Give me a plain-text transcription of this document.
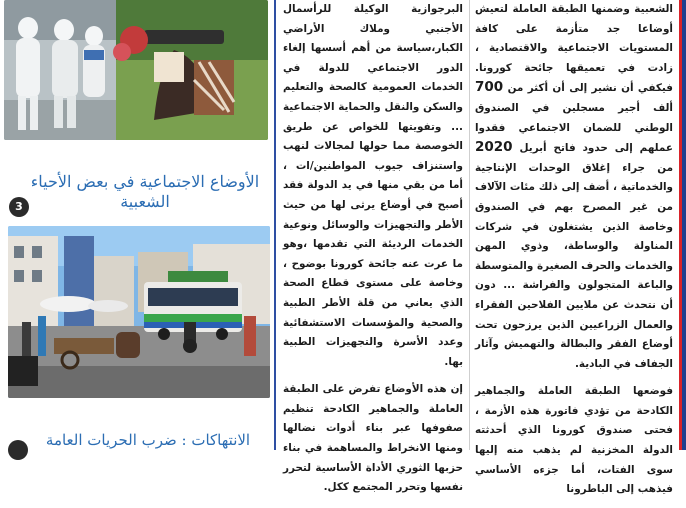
الأوضاع الاجتماعية في بعض الأحياء الشعبية
3
الانتهاكات : ضرب الحريات العامة

البرجوازية الوكيلة للرأسمال الأجنبي وملاك الأراضي الكبار،سياسة من أهم أسسها إلغاء الدور الاجتماعي للدولة في الخدمات العمومية كالصحة والتعليم والسكن والنقل والحماية الاجتماعية ... وتفويتها للخواص عن طريق الخوصصة مما حولها لمجالات لنهب واستنزاف جيوب المواطنين/ات ، أما من بقي منها في يد الدولة فقد أصبح في أوضاع يرثى لها من حيث الأطر والتجهيزات والوسائل ونوعية الخدمات الرديئة التي تقدمها ،وهو ما عرت عنه جائحة كورونا بوضوح ، وخاصة على مستوى قطاع الصحة الذي يعاني من قلة الأطر الطبية والصحية والمؤسسات الاستشفائية وعدد الأسرة والتجهيزات الطبية بها.

إن هذه الأوضاع تفرض على الطبقة العاملة والجماهير الكادحة تنظيم صفوفها عبر بناء أدوات نضالها ومنها الانخراط والمساهمة في بناء حزبها الثوري الأداة الأساسية لتحرر نفسها وتحرر المجتمع ككل.

الشعبية وضمنها الطبقة العاملة لتعيش أوضاعا جد متأزمة على كافة المستويات الاجتماعية والاقتصادية ، زادت في تعميقها جائحة كورونا. فيكفي أن نشير إلى أن أكثر من 700 ألف أجير مسجلين في الصندوق الوطني للضمان الاجتماعي فقدوا عملهم إلى حدود فاتح أبريل 2020 من جراء إغلاق الوحدات الإنتاجية والخدماتية ، أضف إلى ذلك مئات الآلاف من غير المصرح بهم في الصندوق وخاصة الذين يشتغلون في شركات المناولة والوساطة، وذوي المهن والخدمات والحرف الصغيرة والمتوسطة والباعة المتجولون والفراشة ... دون أن نتحدث عن ملايين الفلاحين الفقراء والعمال الزراعيين الذين يرزحون تحت أوضاع الفقر والبطالة والتهميش وآثار الجفاف في البادية.

فوضعها الطبقة العاملة والجماهير الكادحة من تؤدي فاتورة هذه الأزمة ، فحتى صندوق كورونا الذي أحدثته الدولة المخزنية لم يذهب منه إليها سوى الفتات، أما جزءه الأساسي فيذهب إلى الباطرونا
